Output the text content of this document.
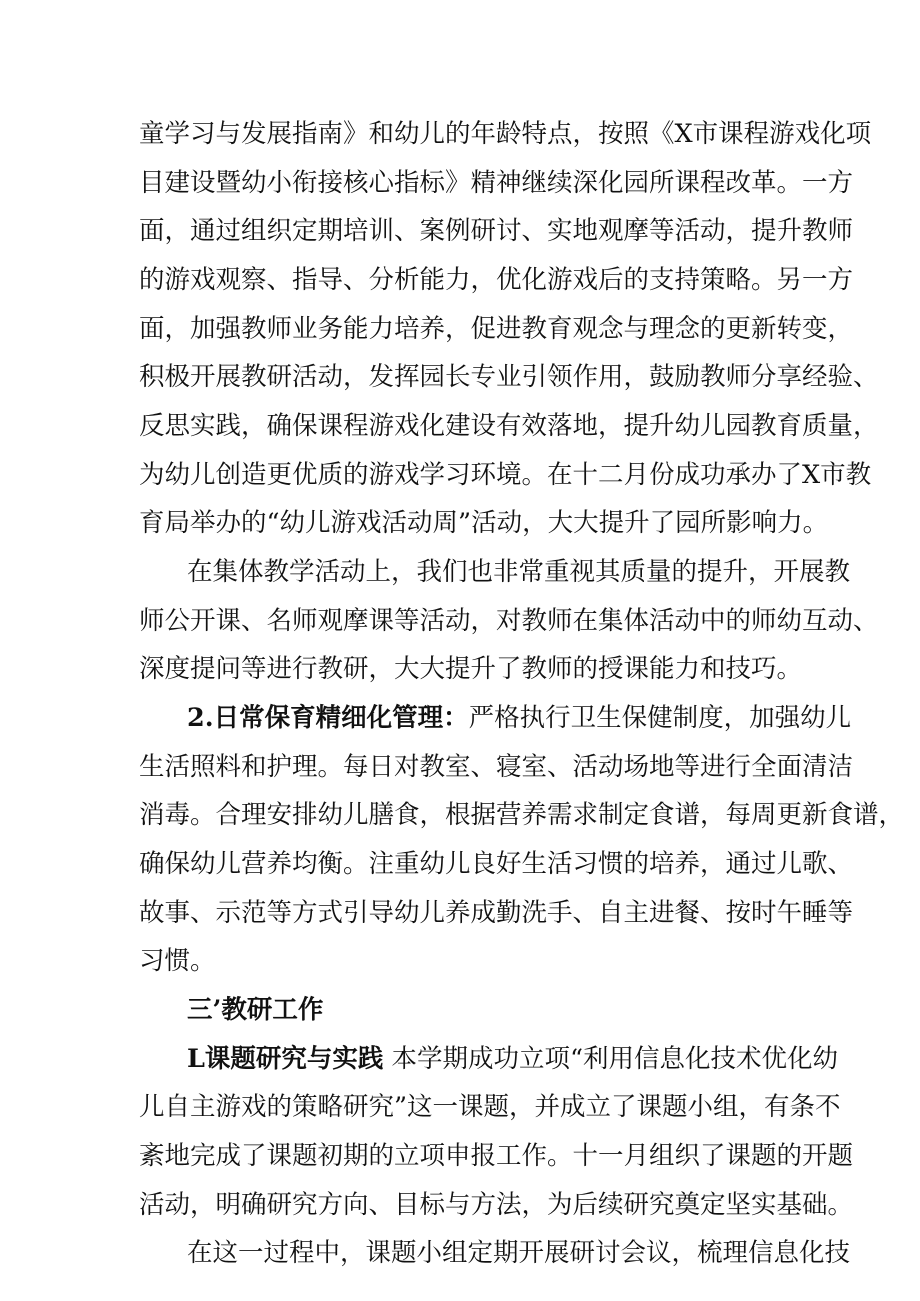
童学习与发展指南》和幼儿的年龄特点，按照《X市课程游戏化项
目建设暨幼小衔接核心指标》精神继续深化园所课程改革。一方
面，通过组织定期培训、案例研讨、实地观摩等活动，提升教师
的游戏观察、指导、分析能力，优化游戏后的支持策略。另一方
面，加强教师业务能力培养，促进教育观念与理念的更新转变，
积极开展教研活动，发挥园长专业引领作用，鼓励教师分享经验、
反思实践，确保课程游戏化建设有效落地，提升幼儿园教育质量，
为幼儿创造更优质的游戏学习环境。在十二月份成功承办了X市教
育局举办的“幼儿游戏活动周”活动，大大提升了园所影响力。
在集体教学活动上，我们也非常重视其质量的提升，开展教
师公开课、名师观摩课等活动，对教师在集体活动中的师幼互动、
深度提问等进行教研，大大提升了教师的授课能力和技巧。
2.日常保育精细化管理：严格执行卫生保健制度，加强幼儿
生活照料和护理。每日对教室、寝室、活动场地等进行全面清洁
消毒。合理安排幼儿膳食，根据营养需求制定食谱，每周更新食谱，
确保幼儿营养均衡。注重幼儿良好生活习惯的培养，通过儿歌、
故事、示范等方式引导幼儿养成勤洗手、自主进餐、按时午睡等
习惯。
三’教研工作
L课题研究与实践 本学期成功立项“利用信息化技术优化幼
儿自主游戏的策略研究”这一课题，并成立了课题小组，有条不
紊地完成了课题初期的立项申报工作。十一月组织了课题的开题
活动，明确研究方向、目标与方法，为后续研究奠定坚实基础。
在这一过程中，课题小组定期开展研讨会议，梳理信息化技
